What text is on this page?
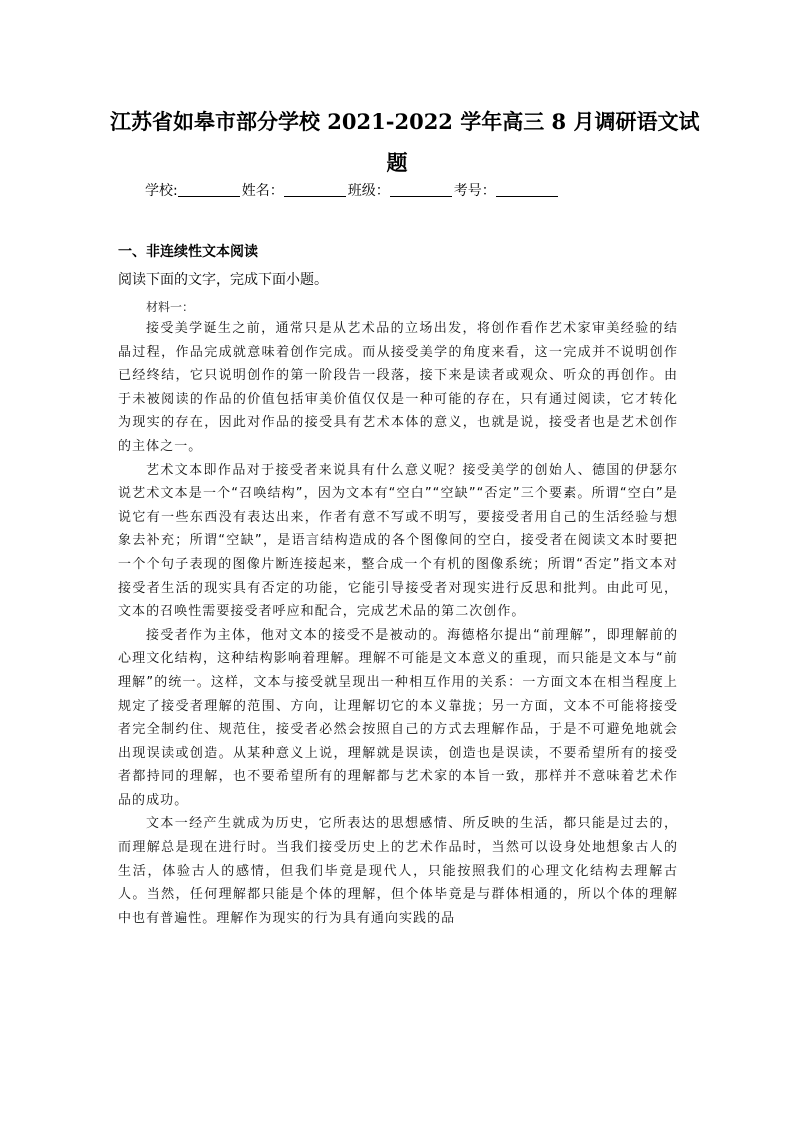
江苏省如皋市部分学校 2021-2022 学年高三 8 月调研语文试
题
学校:	姓名：	班级：	考号：
一、非连续性文本阅读
阅读下面的文字，完成下面小题。
材料一：

接受美学诞生之前，通常只是从艺术品的立场出发，将创作看作艺术家审美经验的结晶过程，作品完成就意味着创作完成。而从接受美学的角度来看，这一完成并不说明创作已经终结，它只说明创作的第一阶段告一段落，接下来是读者或观众、听众的再创作。由于未被阅读的作品的价值包括审美价值仅仅是一种可能的存在，只有通过阅读，它才转化为现实的存在，因此对作品的接受具有艺术本体的意义，也就是说，接受者也是艺术创作的主体之一。

艺术文本即作品对于接受者来说具有什么意义呢？接受美学的创始人、德国的伊瑟尔说艺术文本是一个“召唤结构”，因为文本有“空白”“空缺”“否定”三个要素。所谓“空白”是说它有一些东西没有表达出来，作者有意不写或不明写，要接受者用自己的生活经验与想象去补充；所谓“空缺”，是语言结构造成的各个图像间的空白，接受者在阅读文本时要把一个个句子表现的图像片断连接起来，整合成一个有机的图像系统；所谓“否定”指文本对接受者生活的现实具有否定的功能，它能引导接受者对现实进行反思和批判。由此可见，文本的召唤性需要接受者呼应和配合，完成艺术品的第二次创作。

接受者作为主体，他对文本的接受不是被动的。海德格尔提出“前理解”，即理解前的心理文化结构，这种结构影响着理解。理解不可能是文本意义的重现，而只能是文本与“前理解”的统一。这样，文本与接受就呈现出一种相互作用的关系：一方面文本在相当程度上规定了接受者理解的范围、方向，让理解切它的本义靠拢；另一方面，文本不可能将接受者完全制约住、规范住，接受者必然会按照自己的方式去理解作品，于是不可避免地就会出现误读或创造。从某种意义上说，理解就是误读，创造也是误读，不要希望所有的接受者都持同的理解，也不要希望所有的理解都与艺术家的本旨一致，那样并不意味着艺术作品的成功。

文本一经产生就成为历史，它所表达的思想感情、所反映的生活，都只能是过去的，而理解总是现在进行时。当我们接受历史上的艺术作品时，当然可以设身处地想象古人的生活，体验古人的感情，但我们毕竟是现代人，只能按照我们的心理文化结构去理解古人。当然，任何理解都只能是个体的理解，但个体毕竟是与群体相通的，所以个体的理解中也有普遍性。理解作为现实的行为具有通向实践的品
